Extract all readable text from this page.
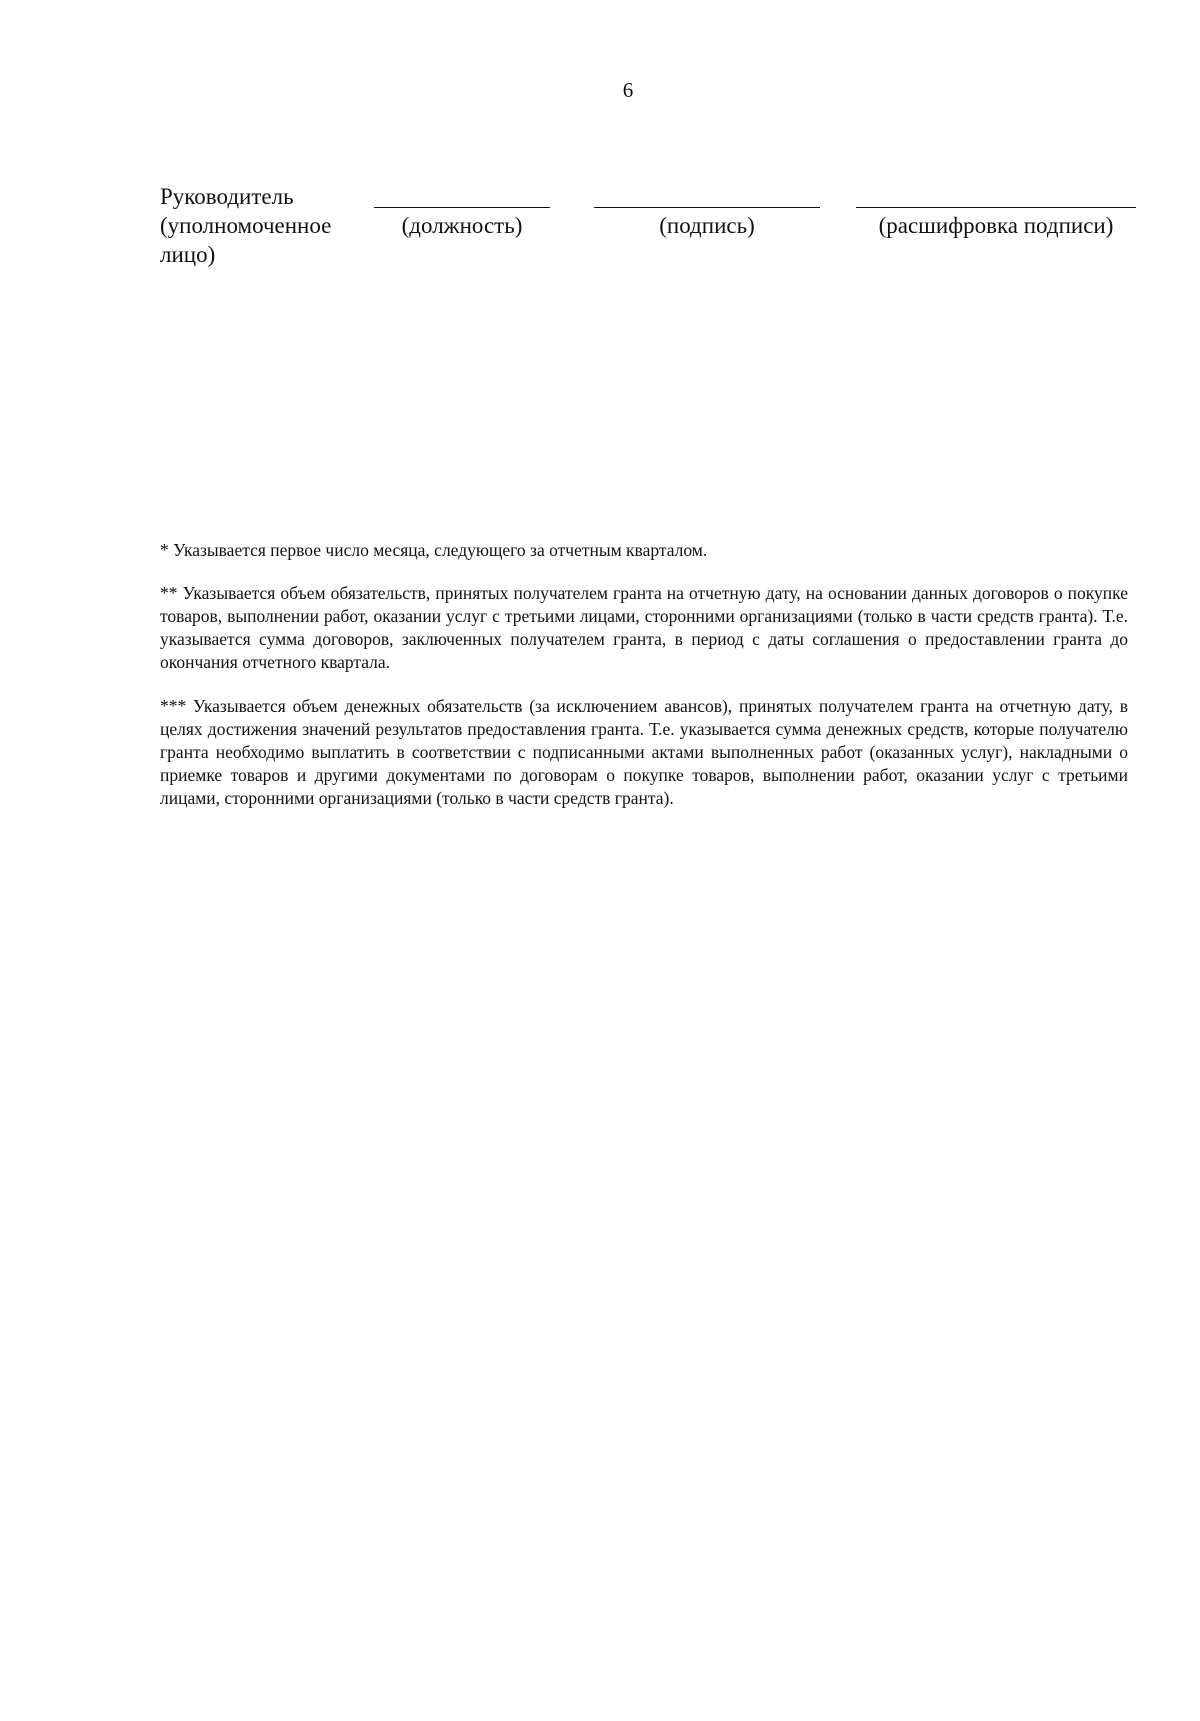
6
Руководитель (уполномоченное лицо)
(должность)	(подпись)	(расшифровка подписи)

* Указывается первое число месяца, следующего за отчетным кварталом.

** Указывается объем обязательств, принятых получателем гранта на отчетную дату, на основании данных договоров о покупке товаров, выполнении работ, оказании услуг с третьими лицами, сторонними организациями (только в части средств гранта). Т.е. указывается сумма договоров, заключенных получателем гранта, в период с даты соглашения о предоставлении гранта до окончания отчетного квартала.

*** Указывается объем денежных обязательств (за исключением авансов), принятых получателем гранта на отчетную дату, в целях достижения значений результатов предоставления гранта. Т.е. указывается сумма денежных средств, которые получателю гранта необходимо выплатить в соответствии с подписанными актами выполненных работ (оказанных услуг), накладными о приемке товаров и другими документами по договорам о покупке товаров, выполнении работ, оказании услуг с третьими лицами, сторонними организациями (только в части средств гранта).
